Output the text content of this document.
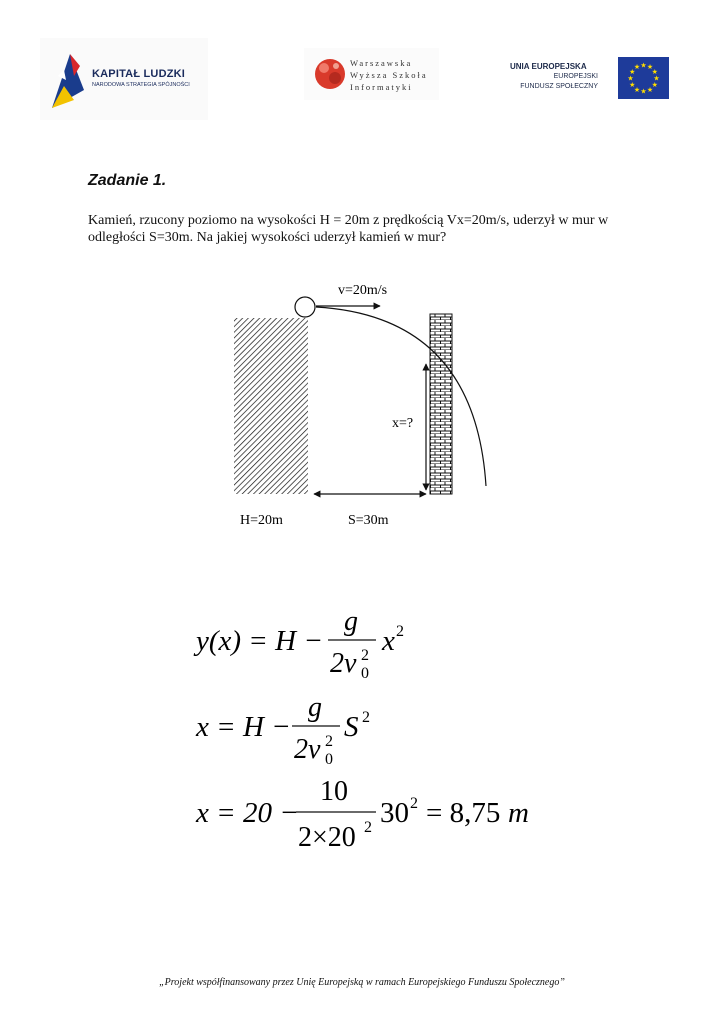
KAPITAŁ LUDZKI
NARODOWA STRATEGIA SPÓJNOŚCI
Warszawska
Wyższa Szkoła
Informatyki
UNIA EUROPEJSKA
EUROPEJSKI
FUNDUSZ SPOŁECZNY
★
★
★
★
★
★
★
★
★ ★ ★
★
Zadanie 1.
Kamień, rzucony poziomo na wysokości H = 20m z prędkością Vx=20m/s, uderzył w mur w odległości S=30m. Na jakiej wysokości uderzył kamień w mur?
v=20m/s
x=?
H=20m	S=30m
y(x) = H −
g
2v 2
0
x 2
x = H −
g
2v 2
0
S 2
x = 20 −
10
2×20 2 30 2 = 8,75 m
„Projekt współfinansowany przez Unię Europejską w ramach Europejskiego Funduszu Społecznego”
